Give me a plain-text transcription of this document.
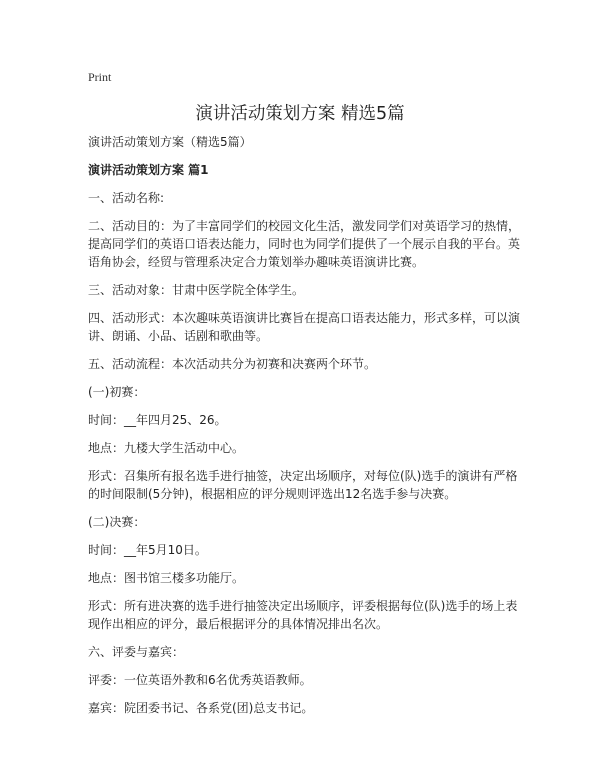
Print
演讲活动策划方案 精选5篇
演讲活动策划方案（精选5篇）
演讲活动策划方案 篇1
一、活动名称:
二、活动目的：为了丰富同学们的校园文化生活，激发同学们对英语学习的热情，
提高同学们的英语口语表达能力，同时也为同学们提供了一个展示自我的平台。英
语角协会，经贸与管理系决定合力策划举办趣味英语演讲比赛。
三、活动对象：甘肃中医学院全体学生。
四、活动形式：本次趣味英语演讲比赛旨在提高口语表达能力，形式多样，可以演
讲、朗诵、小品、话剧和歌曲等。
五、活动流程：本次活动共分为初赛和决赛两个环节。
(一)初赛：
时间：__年四月25、26。
地点：九楼大学生活动中心。
形式：召集所有报名选手进行抽签，决定出场顺序，对每位(队)选手的演讲有严格
的时间限制(5分钟)，根据相应的评分规则评选出12名选手参与决赛。
(二)决赛：
时间：__年5月10日。
地点：图书馆三楼多功能厅。
形式：所有进决赛的选手进行抽签决定出场顺序，评委根据每位(队)选手的场上表
现作出相应的评分，最后根据评分的具体情况排出名次。
六、评委与嘉宾：
评委：一位英语外教和6名优秀英语教师。
嘉宾：院团委书记、各系党(团)总支书记。
